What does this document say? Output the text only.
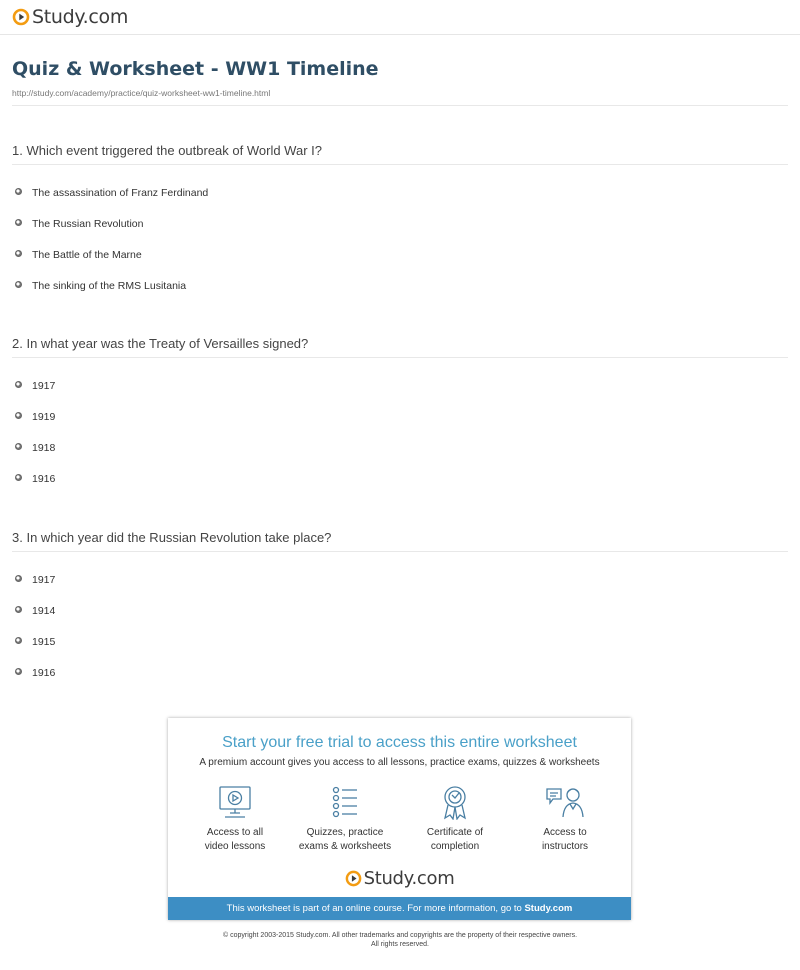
Study.com
Quiz & Worksheet - WW1 Timeline
http://study.com/academy/practice/quiz-worksheet-ww1-timeline.html
1. Which event triggered the outbreak of World War I?
The assassination of Franz Ferdinand
The Russian Revolution
The Battle of the Marne
The sinking of the RMS Lusitania
2. In what year was the Treaty of Versailles signed?
1917
1919
1918
1916
3. In which year did the Russian Revolution take place?
1917
1914
1915
1916
Start your free trial to access this entire worksheet
A premium account gives you access to all lessons, practice exams, quizzes & worksheets
Access to all
video lessons
Quizzes, practice
exams & worksheets
Certificate of
completion
Access to
instructors
Study.com
This worksheet is part of an online course. For more information, go to Study.com
© copyright 2003-2015 Study.com. All other trademarks and copyrights are the property of their respective owners.
All rights reserved.
